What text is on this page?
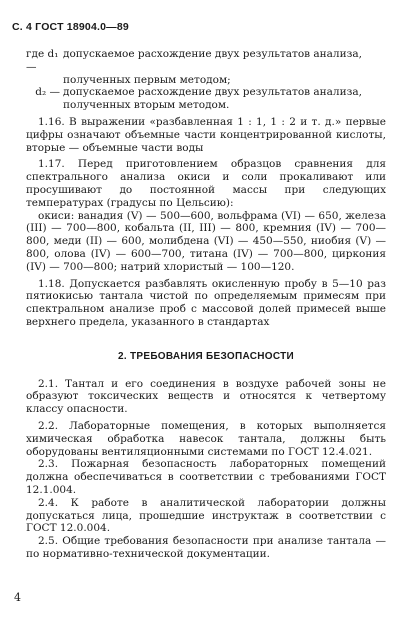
С. 4 ГОСТ 18904.0—89
где d₁ —
допускаемое расхождение двух результатов анализа,
полученных первым методом;
d₂ — допускаемое расхождение двух результатов анализа,
полученных вторым методом.

1.16. В выражении «разбавленная 1 : 1, 1 : 2 и т. д.» первые цифры означают объемные части концентрированной кислоты, вторые — объемные части воды

1.17. Перед приготовлением образцов сравнения для спектрального анализа окиси и соли прокаливают или просушивают до постоянной массы при следующих температурах (градусы по Цельсию):

окиси: ванадия (V) — 500—600, вольфрама (VI) — 650, железа (III) — 700—800, кобальта (II, III) — 800, кремния (IV) — 700—800, меди (II) — 600, молибдена (VI) — 450—550, ниобия (V) — 800, олова (IV) — 600—700, титана (IV) — 700—800, циркония (IV) — 700—800; натрий хлористый — 100—120.

1.18. Допускается разбавлять окисленную пробу в 5—10 раз пятиокисью тантала чистой по определяемым примесям при спектральном анализе проб с массовой долей примесей выше верхнего предела, указанного в стандартах

2. ТРЕБОВАНИЯ БЕЗОПАСНОСТИ

2.1. Тантал и его соединения в воздухе рабочей зоны не образуют токсических веществ и относятся к четвертому классу опасности.

2.2. Лабораторные помещения, в которых выполняется химическая обработка навесок тантала, должны быть оборудованы вентиляционными системами по ГОСТ 12.4.021.

2.3. Пожарная безопасность лабораторных помещений должна обеспечиваться в соответствии с требованиями ГОСТ 12.1.004.

2.4. К работе в аналитической лаборатории должны допускаться лица, прошедшие инструктаж в соответствии с ГОСТ 12.0.004.

2.5. Общие требования безопасности при анализе тантала — по нормативно-технической документации.

4
